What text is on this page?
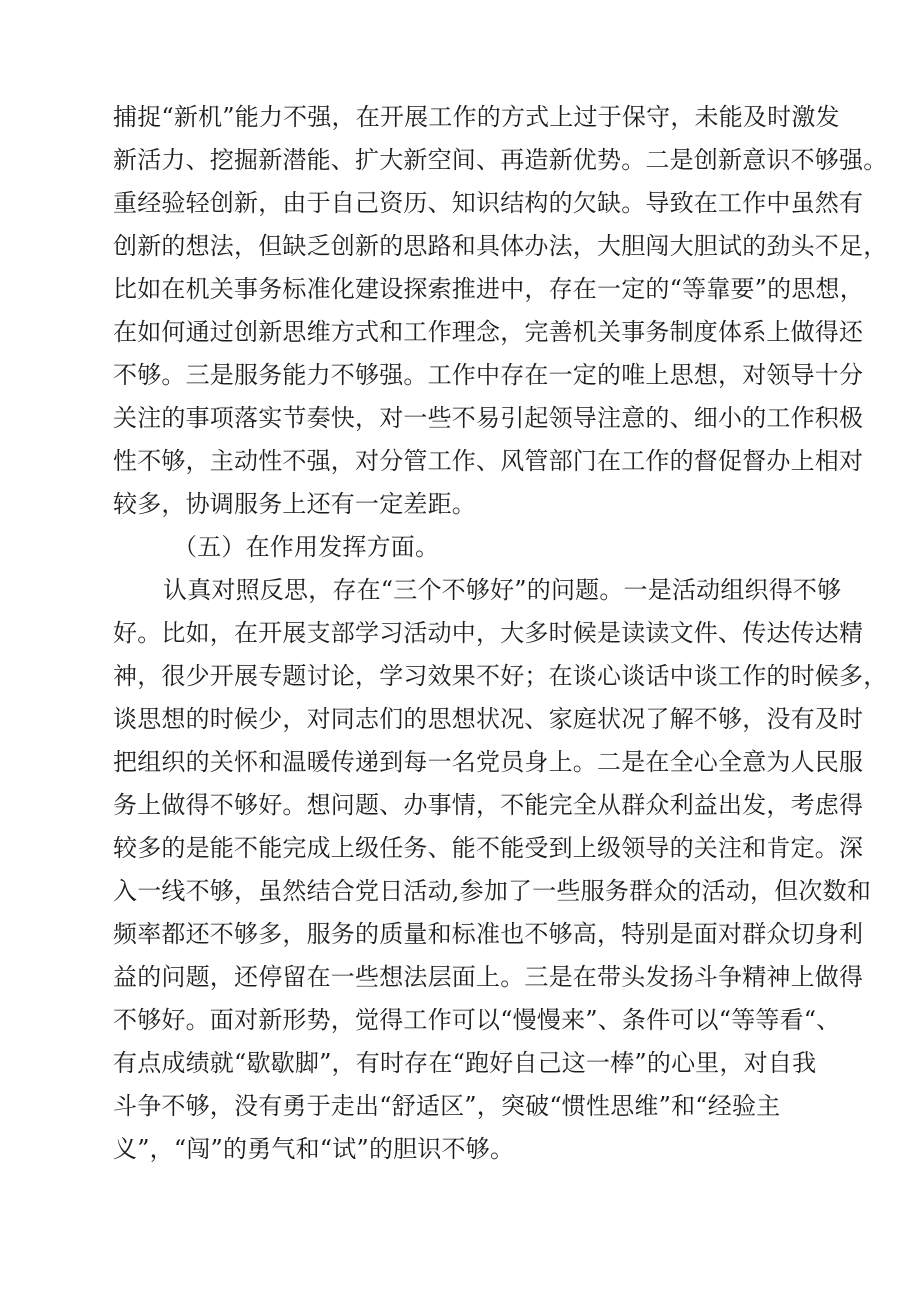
捕捉“新机”能力不强，在开展工作的方式上过于保守，未能及时激发
新活力、挖掘新潜能、扩大新空间、再造新优势。二是创新意识不够强。
重经验轻创新，由于自己资历、知识结构的欠缺。导致在工作中虽然有
创新的想法，但缺乏创新的思路和具体办法，大胆闯大胆试的劲头不足，
比如在机关事务标准化建设探索推进中，存在一定的“等靠要”的思想，
在如何通过创新思维方式和工作理念，完善机关事务制度体系上做得还
不够。三是服务能力不够强。工作中存在一定的唯上思想，对领导十分
关注的事项落实节奏快，对一些不易引起领导注意的、细小的工作积极
性不够，主动性不强，对分管工作、风管部门在工作的督促督办上相对
较多，协调服务上还有一定差距。
（五）在作用发挥方面。
认真对照反思，存在“三个不够好”的问题。一是活动组织得不够
好。比如，在开展支部学习活动中，大多时候是读读文件、传达传达精
神，很少开展专题讨论，学习效果不好；在谈心谈话中谈工作的时候多，
谈思想的时候少，对同志们的思想状况、家庭状况了解不够，没有及时
把组织的关怀和温暖传递到每一名党员身上。二是在全心全意为人民服
务上做得不够好。想问题、办事情，不能完全从群众利益出发，考虑得
较多的是能不能完成上级任务、能不能受到上级领导的关注和肯定。深
入一线不够，虽然结合党日活动,参加了一些服务群众的活动，但次数和
频率都还不够多，服务的质量和标准也不够高，特别是面对群众切身利
益的问题，还停留在一些想法层面上。三是在带头发扬斗争精神上做得
不够好。面对新形势，觉得工作可以“慢慢来”、条件可以“等等看“、
有点成绩就“歇歇脚”，有时存在“跑好自己这一棒”的心里，对自我
斗争不够，没有勇于走出“舒适区”，突破“惯性思维”和“经验主
义”，“闯”的勇气和“试”的胆识不够。
